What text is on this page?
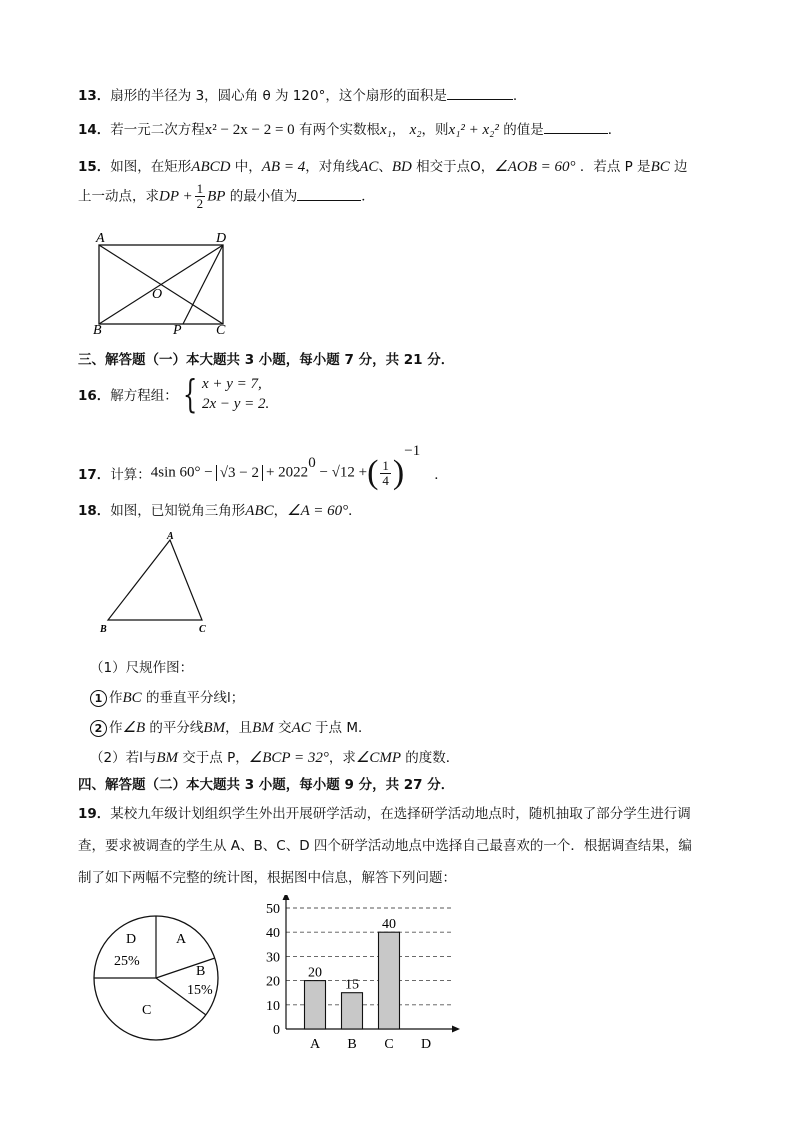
13．扇形的半径为 3，圆心角 θ 为 120°，这个扇形的面积是	.
14．若一元二次方程x² − 2x − 2 = 0 有两个实数根x₁， x₂，则x₁² + x₂² 的值是	．
15．如图，在矩形ABCD 中，AB = 4，对角线AC、BD 相交于点O，∠AOB = 60° ．若点 P 是BC 边
上一动点，求DP + $\frac{1}{2}$ BP 的最小值为	．
A	D
O
B	P C
三、解答题（一）本大题共 3 小题，每小题 7 分，共 21 分．
16．解方程组： { x + y = 7,
2x − y = 2.
17．计算：4sin $60^\circ - √3 - 2 + 2022^0 - √12$ +( $\frac{1}{4} )^{-1}$．
18．如图，已知锐角三角形ABC，∠A = 60°．
A
B	C
（1）尺规作图：
1 作BC 的垂直平分线l；
2 作∠B 的平分线BM，且BM 交AC 于点 M．
（2）若l与BM 交于点 P，∠BCP = 32°，求∠CMP 的度数．
四、解答题（二）本大题共 3 小题，每小题 9 分，共 27 分．
19．某校九年级计划组织学生外出开展研学活动，在选择研学活动地点时，随机抽取了部分学生进行调
查，要求被调查的学生从 A、B、C、D 四个研学活动地点中选择自己最喜欢的一个．根据调查结果，编
制了如下两幅不完整的统计图，根据图中信息，解答下列问题：
D
25%
A
B
15%
C
0
10
20
30
40
50
20
A
15
B
40
C D
